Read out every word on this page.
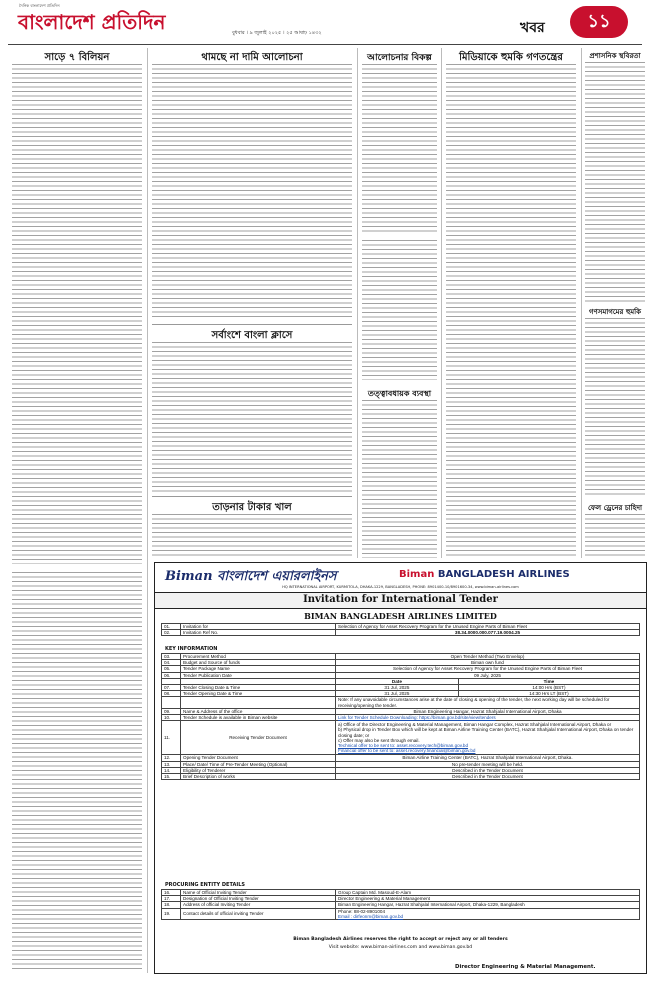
দৈনিক বাংলাদেশ প্রতিদিন
বাংলাদেশ প্রতিদিন	বুধবার । ৯ জুলাই ২০২৫ । ২৫ আষাঢ় ১৪৩২	খবর	১১
সাড়ে ৭ বিলিয়ন	থামছে না দামি আলোচনা
সর্বাংশে বাংলা ক্লাসে
তাড়নার টাকার খাল
আলোচনার বিকল্প
তত্ত্বাবধায়ক ব্যবস্থা
মিডিয়াকে হুমকি গণতন্ত্রের	প্রশাসনিক স্থবিরতা
গণসমাগমের হুমকি
ফেল ড্রেনের চাহিদা
Biman বাংলাদেশ এয়ারলাইনস	Biman BANGLADESH AIRLINES
HQ INTERNATIONAL AIRPORT, KURMITOLA, DHAKA-1229, BANGLADESH, PHONE: 8901400-10/8901600-34, www.biman-airlines.com
Invitation for International Tender
BIMAN BANGLADESH AIRLINES LIMITED
01.	Invitation for	Selection of Agency for Asset Recovery Program for the Unused Engine Parts of Biman Fleet
02.	Invitation Ref No.	38.34.0000.000.077.19.0004.25
KEY INFORMATION
03.	Procurement Method	Open Tender Method (Two Envelop)	
04.	Budget and Source of funds	Biman own fund	
05.	Tender Package Name	Selection of Agency for Asset Recovery Program for the Unused Engine Parts of Biman Fleet	
06.	Tender Publication Date	09 July, 2025	
		Date	Time
07.	Tender Closing Date & Time	31 Jul, 2025	14:00 Hrs (BST)
08.	Tender Opening Date & Time	31 Jul, 2025	14:30 Hrs LT (BST)
		Note: If any unavoidable circumstances arise at the date of closing & opening of the tender, the next working day will be scheduled for receiving/opening the tender.	
09.	Name & Address of the office	Biman Engineering Hangar, Hazrat Shahjalal International Airport, Dhaka	
10.	Tender Schedule is available in Biman website	Link for Tender Schedule Downloading: https://biman.gov.bd/site/view/tenders	
11.	Receiving Tender Document	a) Office of the Director Engineering & Material Management, Biman Hangar Complex, Hazrat Shahjalal International Airport, Dhaka or
b) Physical drop in Tender Box which will be kept at Biman Airline Training Center (BATC), Hazrat Shahjalal International Airport, Dhaka on tender closing date; or
c) Offer may also be sent through email.
Technical offer to be sent to: asset.recovery.tech@biman.gov.bd
Financial offer to be sent to: asset.recovery.financial@biman.gov.bd	

12.	Opening Tender Document	Biman Airline Training Center (BATC), Hazrat Shahjalal International Airport, Dhaka.	
13.	Place/ Date/ Time of Pre-Tender Meeting (Optional)	No pre-tender meeting will be held.	
14.	Eligibility of Tenderer	Described in the Tender Document	
15.	Brief Description of works	Described in the Tender Document	
PROCURING ENTITY DETAILS
16.	Name of Official Inviting Tender	Group Captain Md. Masoud-E-Alam
17.	Designation of Official Inviting Tender	Director Engineering & Material Management
18.	Address of official Inviting Tender	Biman Engineering Hangar, Hazrat Shahjalal International Airport, Dhaka-1229, Bangladesh
19.	Contact details of official inviting Tender	Phone: 88-02-8901004
Email : dirfeonm@biman.gov.bd
Biman Bangladesh Airlines reserves the right to accept or reject any or all tenders
Visit website: www.biman-airlines.com and www.biman.gov.bd
Director Engineering & Material Management.
